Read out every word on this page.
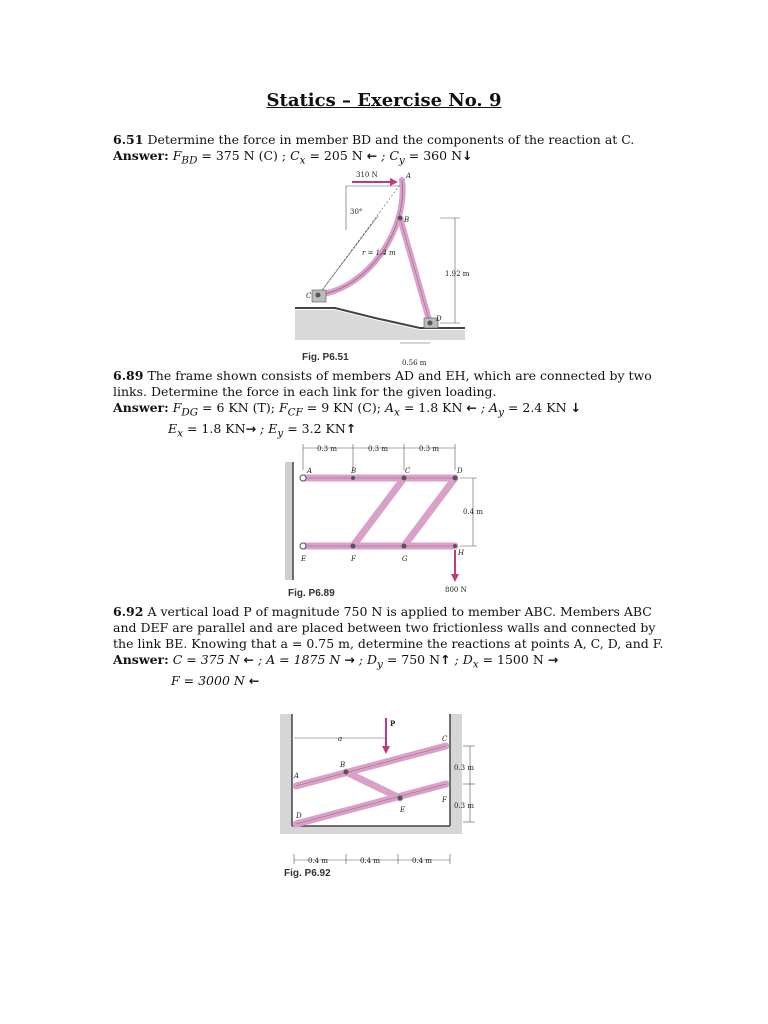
Statics – Exercise No. 9
6.51 Determine the force in member BD and the components of the reaction at C.
Answer: $F_{BD} = 375$ N (C) ; $C_x = 205$ N ← ; $C_y = 360$ N↓
310 N
30°
r = 1.4 m
1.92 m
0.56 m
A
B
C
D
Fig. P6.51
6.89 The frame shown consists of members AD and EH, which are connected by two
links. Determine the force in each link for the given loading.
Answer: $F_{DG} = 6$ KN (T); $F_{CF} = 9$ KN (C); $A_x = 1.8$ KN ← ; $A_y = 2.4$ KN ↓
$E_x = 1.8$ KN→ ; $E_y = 3.2$ KN↑
0.3 m	0.3 m	0.3 m
0.4 m
800 N
A	B	C	D
E	F	G
H
Fig. P6.89
6.92 A vertical load P of magnitude 750 N is applied to member ABC. Members ABC
and DEF are parallel and are placed between two frictionless walls and connected by
the link BE. Knowing that a = 0.75 m, determine the reactions at points A, C, D, and F.
Answer: C = 375 N ← ; A = 1875 N → ; $D_y = 750$ N↑ ; $D_x = 1500$ N →
F = 3000 N ←
a
P
0.3 m
0.3 m
0.4 m	0.4 m	0.4 m
A
B
C
D
E
F
Fig. P6.92
